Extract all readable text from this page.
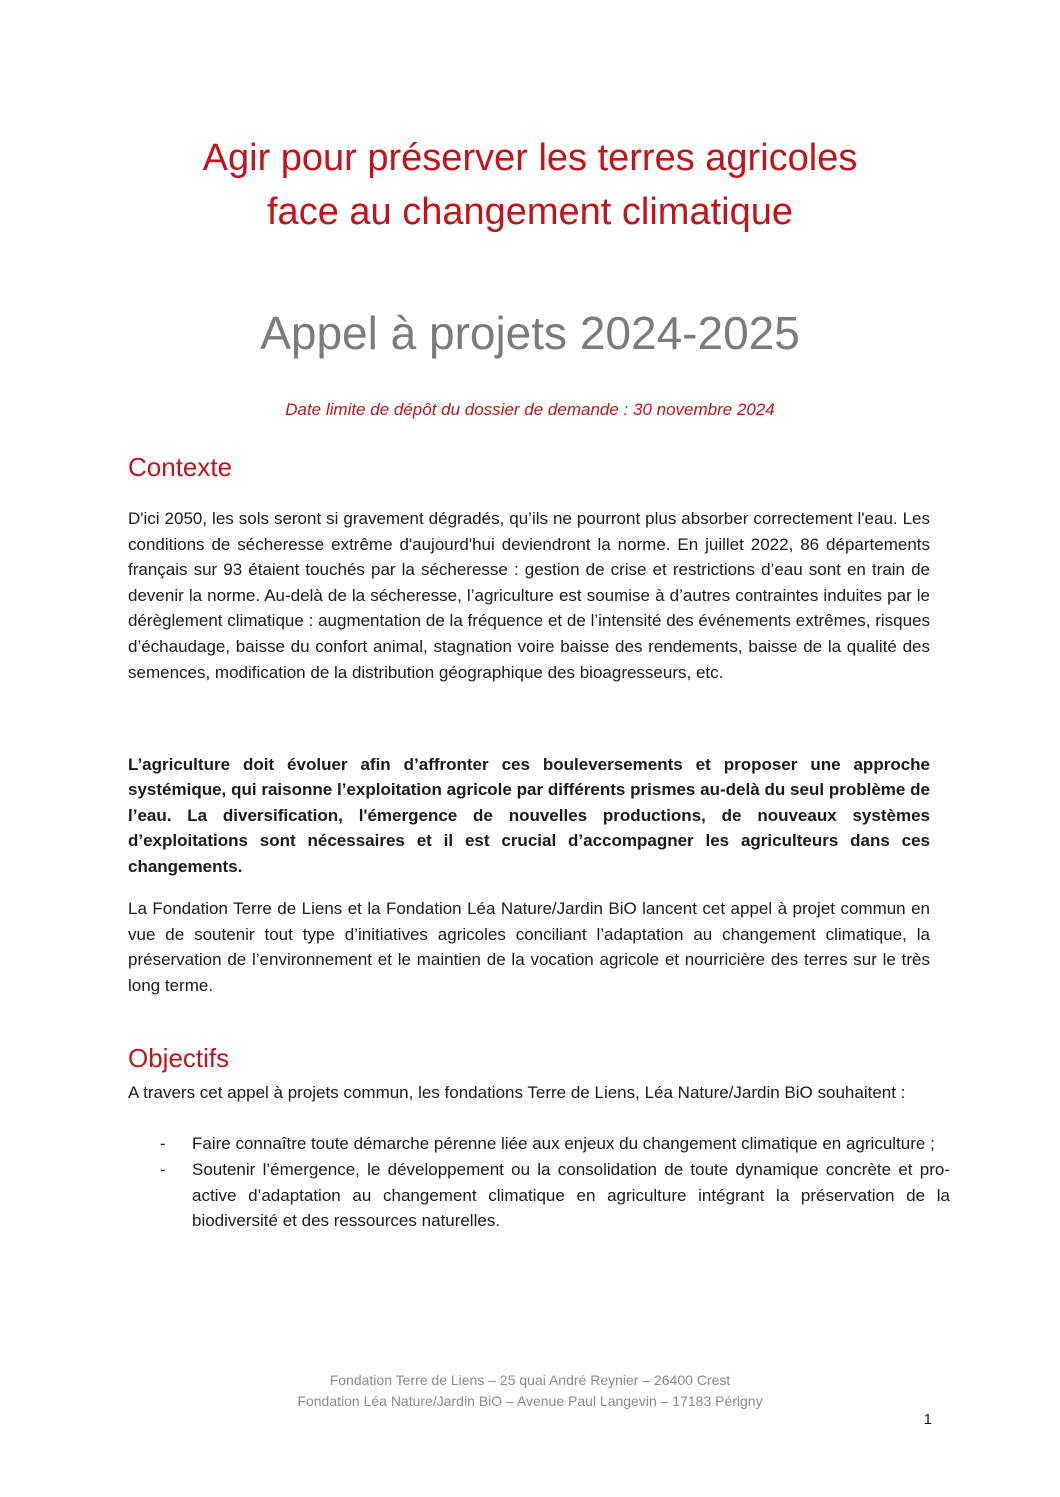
Agir pour préserver les terres agricoles
face au changement climatique
Appel à projets 2024-2025
Date limite de dépôt du dossier de demande : 30 novembre 2024
Contexte

D'ici 2050, les sols seront si gravement dégradés, qu’ils ne pourront plus absorber correctement l'eau. Les conditions de sécheresse extrême d'aujourd'hui deviendront la norme. En juillet 2022, 86 départements français sur 93 étaient touchés par la sécheresse : gestion de crise et restrictions d’eau sont en train de devenir la norme. Au-delà de la sécheresse, l’agriculture est soumise à d’autres contraintes induites par le dérèglement climatique : augmentation de la fréquence et de l’intensité des événements extrêmes, risques d’échaudage, baisse du confort animal, stagnation voire baisse des rendements, baisse de la qualité des semences, modification de la distribution géographique des bioagresseurs, etc.

L’agriculture doit évoluer afin d’affronter ces bouleversements et proposer une approche systémique, qui raisonne l’exploitation agricole par différents prismes au-delà du seul problème de l’eau. La diversification, l'émergence de nouvelles productions, de nouveaux systèmes d’exploitations sont nécessaires et il est crucial d’accompagner les agriculteurs dans ces changements.

La Fondation Terre de Liens et la Fondation Léa Nature/Jardin BiO lancent cet appel à projet commun en vue de soutenir tout type d’initiatives agricoles conciliant l’adaptation au changement climatique, la préservation de l’environnement et le maintien de la vocation agricole et nourricière des terres sur le très long terme.

Objectifs

A travers cet appel à projets commun, les fondations Terre de Liens, Léa Nature/Jardin BiO souhaitent :

- Faire connaître toute démarche pérenne liée aux enjeux du changement climatique en agriculture ;
- Soutenir l’émergence, le développement ou la consolidation de toute dynamique concrète et pro-active d’adaptation au changement climatique en agriculture intégrant la préservation de la biodiversité et des ressources naturelles.
Fondation Terre de Liens – 25 quai André Reynier – 26400 Crest
Fondation Léa Nature/Jardin BiO – Avenue Paul Langevin – 17183 Périgny
1
